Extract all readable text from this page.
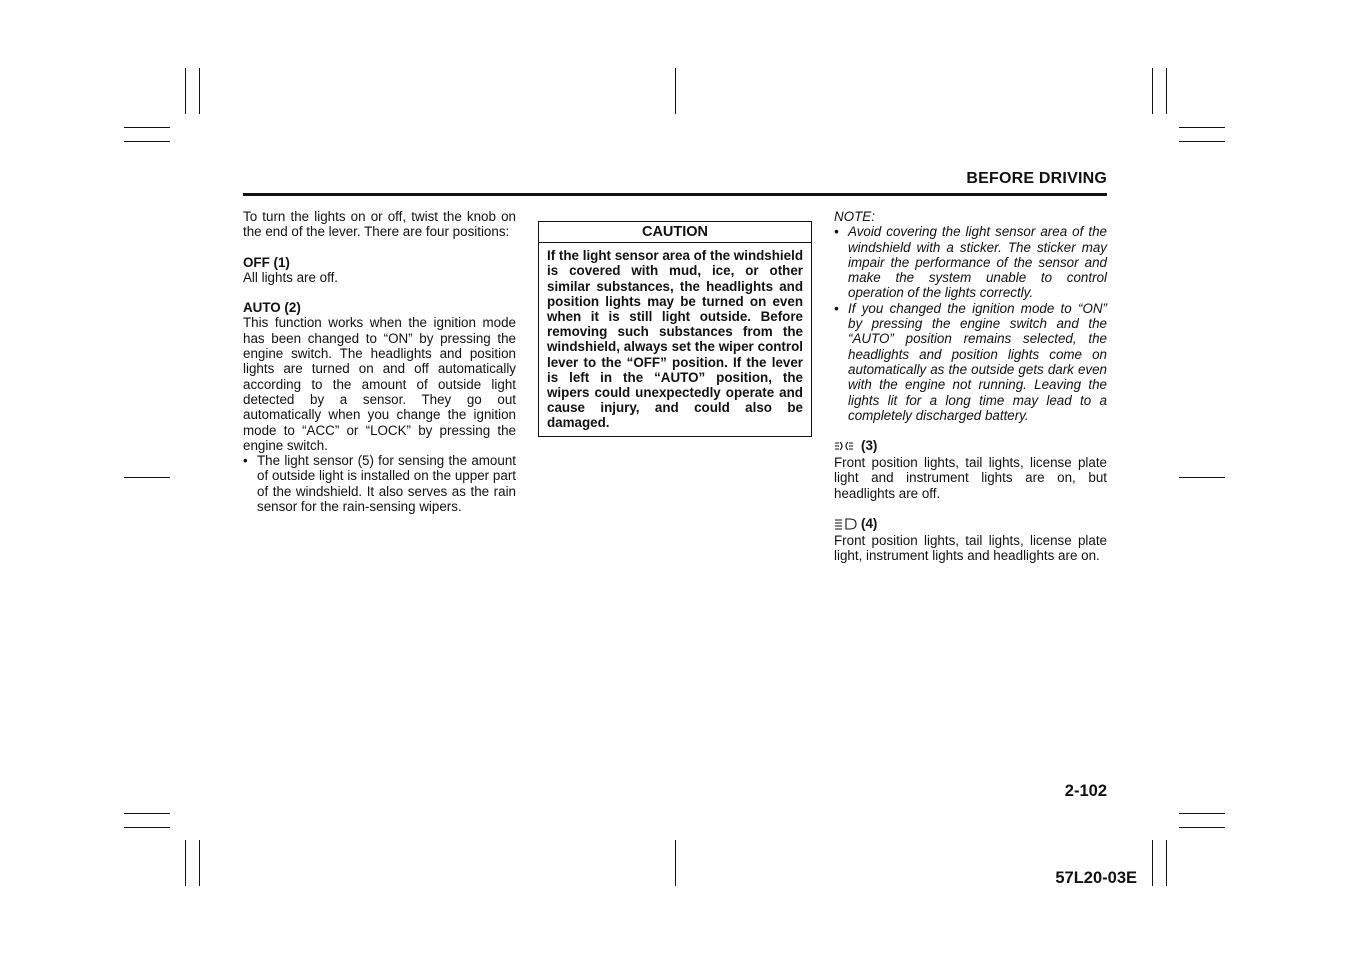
BEFORE DRIVING

To turn the lights on or off, twist the knob on the end of the lever. There are four positions:

OFF (1)

All lights are off.

AUTO (2)

This function works when the ignition mode has been changed to “ON” by pressing the engine switch. The headlights and position lights are turned on and off automatically according to the amount of outside light detected by a sensor. They go out automatically when you change the ignition mode to “ACC” or “LOCK” by pressing the engine switch.

• The light sensor (5) for sensing the amount of outside light is installed on the upper part of the windshield. It also serves as the rain sensor for the rain-sensing wipers.
CAUTION
If the light sensor area of the windshield is covered with mud, ice, or other similar substances, the headlights and position lights may be turned on even when it is still light outside. Before removing such substances from the windshield, always set the wiper control lever to the “OFF” position. If the lever is left in the “AUTO” position, the wipers could unexpectedly operate and cause injury, and could also be damaged.

NOTE:

• Avoid covering the light sensor area of the windshield with a sticker. The sticker may impair the performance of the sensor and make the system unable to control operation of the lights correctly.
• If you changed the ignition mode to “ON” by pressing the engine switch and the “AUTO” position remains selected, the headlights and position lights come on automatically as the outside gets dark even with the engine not running. Leaving the lights lit for a long time may lead to a completely discharged battery.

(3)

Front position lights, tail lights, license plate light and instrument lights are on, but headlights are off.

(4)

Front position lights, tail lights, license plate light, instrument lights and headlights are on.

2-102
57L20-03E
